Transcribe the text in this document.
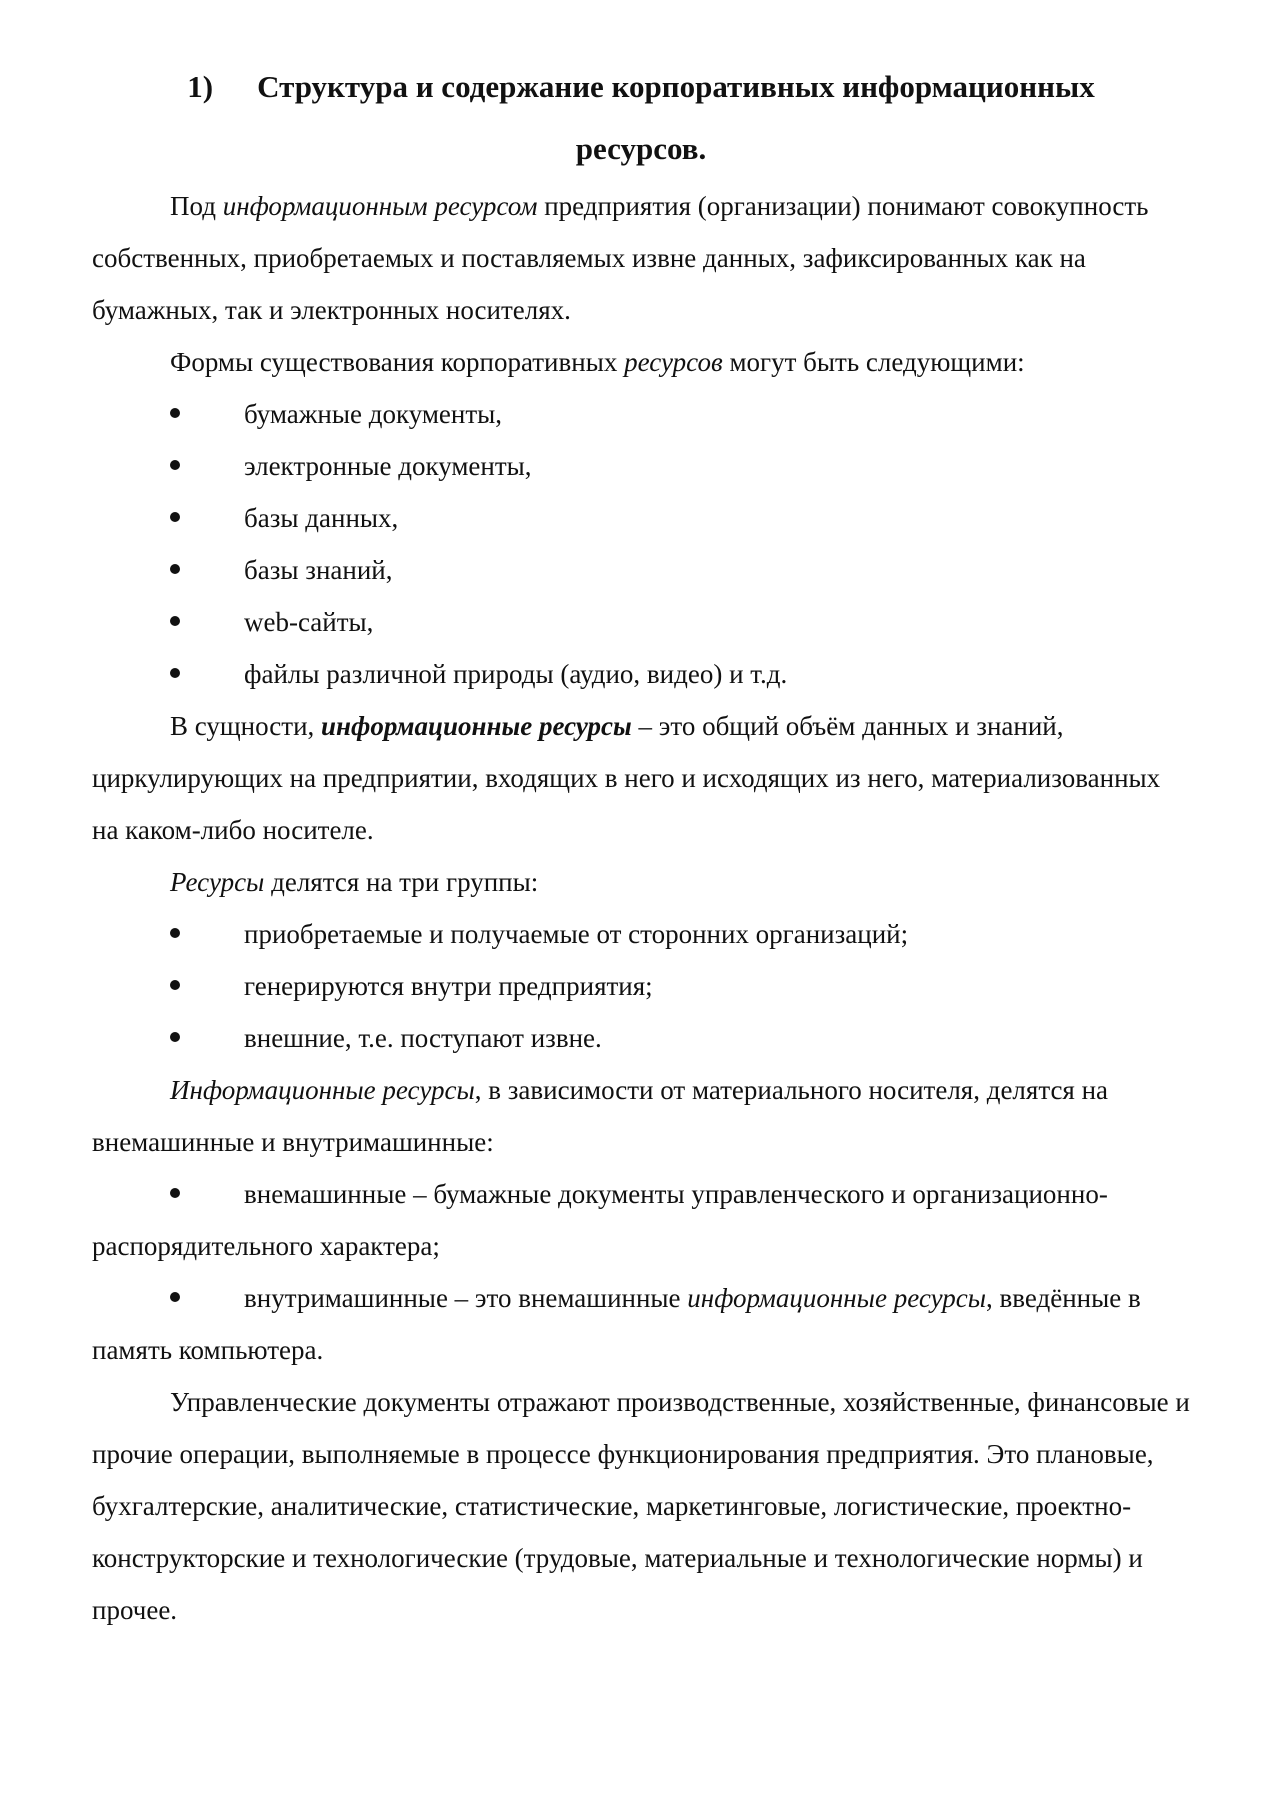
1) Структура и содержание корпоративных информационных
ресурсов.

Под информационным ресурсом предприятия (организации) понимают совокупность собственных, приобретаемых и поставляемых извне данных, зафиксированных как на бумажных, так и электронных носителях.

Формы существования корпоративных ресурсов могут быть следующими:

бумажные документы,

электронные документы,

базы данных,

базы знаний,

web-сайты,

файлы различной природы (аудио, видео) и т.д.

В сущности, информационные ресурсы – это общий объём данных и знаний, циркулирующих на предприятии, входящих в него и исходящих из него, материализованных на каком-либо носителе.

Ресурсы делятся на три группы:

приобретаемые и получаемые от сторонних организаций;

генерируются внутри предприятия;

внешние, т.е. поступают извне.

Информационные ресурсы, в зависимости от материального носителя, делятся на внемашинные и внутримашинные:

внемашинные – бумажные документы управленческого и организационно-распорядительного характера;

внутримашинные – это внемашинные информационные ресурсы, введённые в память компьютера.

Управленческие документы отражают производственные, хозяйственные, финансовые и прочие операции, выполняемые в процессе функционирования предприятия. Это плановые, бухгалтерские, аналитические, статистические, маркетинговые, логистические, проектно-конструкторские и технологические (трудовые, материальные и технологические нормы) и прочее.
